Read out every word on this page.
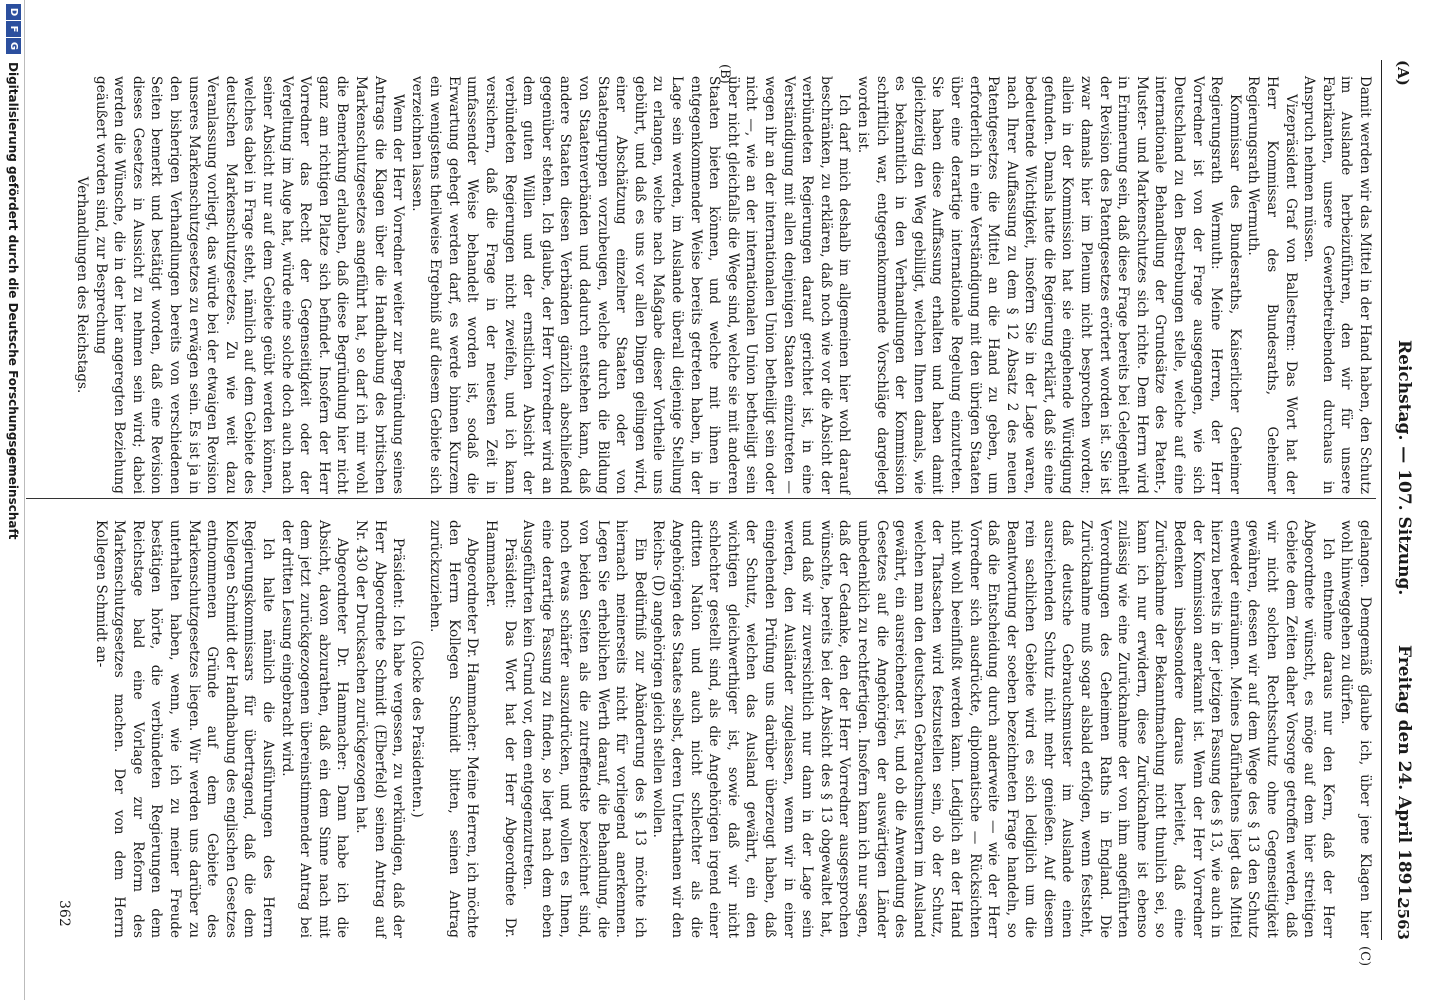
(A)
Reichstag. — 107. Sitzung.
Freitag den 24. April 1891.
2563
(B)
(C)

Damit werden wir das Mittel in der Hand haben, den Schutz im Auslande herbeizuführen, den wir für unsere Fabrikanten, unsere Gewerbetreibenden durchaus in Anspruch nehmen müssen.

Vizepräsident Graf von Ballestrem: Das Wort hat der Herr Kommissar des Bundesraths, Geheimer Regierungsrath Wermuth.

Kommissar des Bundesraths, Kaiserlicher Geheimer Regierungsrath Wermuth: Meine Herren, der Herr Vorredner ist von der Frage ausgegangen, wie sich Deutschland zu den Bestrebungen stelle, welche auf eine internationale Behandlung der Grundsätze des Patent-, Muster- und Markenschutzes sich richte. Dem Herrn wird in Erinnerung sein, daß diese Frage bereits bei Gelegenheit der Revision des Patentgesetzes erörtert worden ist. Sie ist zwar damals hier im Plenum nicht besprochen worden; allein in der Kommission hat sie eingehende Würdigung gefunden. Damals hatte die Regierung erklärt, daß sie eine bedeutende Wichtigkeit, insofern Sie in der Lage waren, nach Ihrer Auffassung zu dem § 12 Absatz 2 des neuen Patentgesetzes die Mittel an die Hand zu geben, um erforderlich in eine Verständigung mit den übrigen Staaten über eine derartige internationale Regelung einzutreten. Sie haben diese Auffassung erhalten und haben damit gleichzeitig den Weg gebilligt, welchen Ihnen damals, wie es bekanntlich in den Verhandlungen der Kommission schriftlich war, entgegenkommende Vorschläge dargelegt worden ist.

Ich darf mich deshalb im allgemeinen hier wohl darauf beschränken, zu erklären, daß noch wie vor die Absicht der verbündeten Regierungen darauf gerichtet ist, in eine Verständigung mit allen denjenigen Staaten einzutreten — wegen ihr an der internationalen Union betheiligt sein oder nicht —, wie an der internationalen Union betheiligt sein über nicht gleichfalls die Wege sind, welche sie mit anderen Staaten bieten können, und welche mit ihnen in entgegenkommender Weise bereits getreten haben, in der Lage sein werden, im Auslande überall diejenige Stellung zu erlangen, welche nach Maßgabe dieser Vortheile uns gebührt, und daß es uns vor allen Dingen gelingen wird, einer Abschätzung einzelner Staaten oder von Staatengruppen vorzubeugen, welche durch die Bildung von Staatenverbänden und dadurch entstehen kann, daß andere Staaten diesen Verbänden gänzlich abschließend gegenüber stehen. Ich glaube, der Herr Vorredner wird an dem guten Willen und der ernstlichen Absicht der verbündeten Regierungen nicht zweifeln, und ich kann versichern, daß die Frage in der neuesten Zeit in umfassender Weise behandelt worden ist, sodaß die Erwartung gehegt werden darf, es werde binnen Kurzem ein wenigstens theilweise Ergebniß auf diesem Gebiete sich verzeichnen lassen.

Wenn der Herr Vorredner weiter zur Begründung seines Antrags die Klagen über die Handhabung des britischen Markenschutzgesetzes angeführt hat, so darf ich mir wohl die Bemerkung erlauben, daß diese Begründung hier nicht ganz am richtigen Platze sich befindet. Insofern der Herr Vorredner das Recht der Gegenseitigkeit oder der Vergeltung im Auge hat, würde eine solche doch auch nach seiner Absicht nur auf dem Gebiete geübt werden können, welches dabei in Frage steht, nämlich auf dem Gebiete des deutschen Markenschutzgesetzes. Zu wie weit dazu Veranlassung vorliegt, das würde bei der etwaigen Revision unseres Markenschutzgesetzes zu erwägen sein. Es ist ja in den bisherigen Verhandlungen bereits von verschiedenen Seiten bemerkt und bestätigt worden, daß eine Revision dieses Gesetzes in Aussicht zu nehmen sein wird; dabei werden die Wünsche, die in der hier angeregten Beziehung geäußert worden sind, zur Besprechung

Verhandlungen des Reichstags.

gelangen. Demgemäß glaube ich, über jene Klagen hier wohl hinweggehen zu dürfen.

Ich entnehme daraus nur den Kern, daß der Herr Abgeordnete wünscht, es möge auf dem hier streitigen Gebiete dem Zeiten daher Vorsorge getroffen werden, daß wir nicht solchen Rechtsschutz ohne Gegenseitigkeit gewähren, dessen wir auf dem Wege des § 13 den Schutz entweder einräumen. Meines Dafürhaltens liegt das Mittel hierzu bereits in der jetzigen Fassung des § 13, wie auch in der Kommission anerkannt ist. Wenn der Herr Vorredner Bedenken insbesondere daraus herleitet, daß eine Zurücknahme der Bekanntmachung nicht thunlich sei, so kann ich nur erwidern, diese Zurücknahme ist ebenso zulässig wie eine Zurücknahme der von ihm angeführten Verordnungen des Geheimen Raths in England. Die Zurücknahme muß sogar alsbald erfolgen, wenn feststeht, daß deutsche Gebrauchsmuster im Auslande einen ausreichenden Schutz nicht mehr genießen. Auf diesem rein sachlichen Gebiete wird es sich lediglich um die Beantwortung der soeben bezeichneten Frage handeln, so daß die Entscheidung durch anderweite — wie der Herr Vorredner sich ausdrückte, diplomatische — Rücksichten nicht wohl beeinflußt werden kann. Lediglich an der Hand der Thatsachen wird festzustellen sein, ob der Schutz, welchen man den deutschen Gebrauchsmustern im Ausland gewährt, ein ausreichender ist, und ob die Anwendung des Gesetzes auf die Angehörigen der auswärtigen Länder unbedenklich zu rechtfertigen. Insofern kann ich nur sagen, daß der Gedanke, den der Herr Vorredner ausgesprochen wünschte, bereits bei der Absicht des § 13 obgewaltet hat, und daß wir zuversichtlich nur dann in der Lage sein werden, den Ausländer zugelassen, wenn wir in einer eingehenden Prüfung uns darüber überzeugt haben, daß der Schutz, welchen das Ausland gewährt, ein den wichtigen gleichwerthiger ist, sowie daß wir nicht schlechter gestellt sind, als die Angehörigen irgend einer dritten Nation und auch nicht schlechter als die Angehörigen des Staates selbst, deren Unterthanen wir den Reichs- (D) angehörigen gleich stellen wollen.

Ein Bedürfniß zur Abänderung des § 13 möchte ich hiernach meinerseits nicht für vorliegend anerkennen. Legen Sie erheblichen Werth darauf, die Behandlung, die von beiden Seiten als die zutreffendste bezeichnet sind, noch etwas schärfer auszudrücken, und wollen es Ihnen, eine derartige Fassung zu finden, so liegt nach dem eben Ausgeführten kein Grund vor, dem entgegenzutreten.

Präsident: Das Wort hat der Herr Abgeordnete Dr. Hammacher.

Abgeordneter Dr. Hammacher: Meine Herren, ich möchte den Herrn Kollegen Schmidt bitten, seinen Antrag zurückzuziehen.

(Glocke des Präsidenten.)

Präsident: Ich habe vergessen, zu verkündigen, daß der Herr Abgeordnete Schmidt (Elberfeld) seinen Antrag auf Nr. 430 der Drucksachen zurückgezogen hat.

Abgeordneter Dr. Hammacher: Dann habe ich die Absicht, davon abzurathen, daß ein dem Sinne nach mit dem jetzt zurückgezogenen übereinstimmender Antrag bei der dritten Lesung eingebracht wird.

Ich halte nämlich die Ausführungen des Herrn Regierungskommissars für übertragend, daß die dem Kollegen Schmidt der Handhabung des englischen Gesetzes entnommenen Gründe auf dem Gebiete des Markenschutzgesetzes liegen. Wir werden uns darüber zu unterhalten haben, wenn, wie ich zu meiner Freude bestätigen hörte, die verbündeten Regierungen dem Reichstage bald eine Vorlage zur Reform des Markenschutzgesetzes machen. Der von dem Herrn Kollegen Schmidt an-

362
D
F
G
Digitalisierung gefördert durch die Deutsche Forschungsgemeinschaft
